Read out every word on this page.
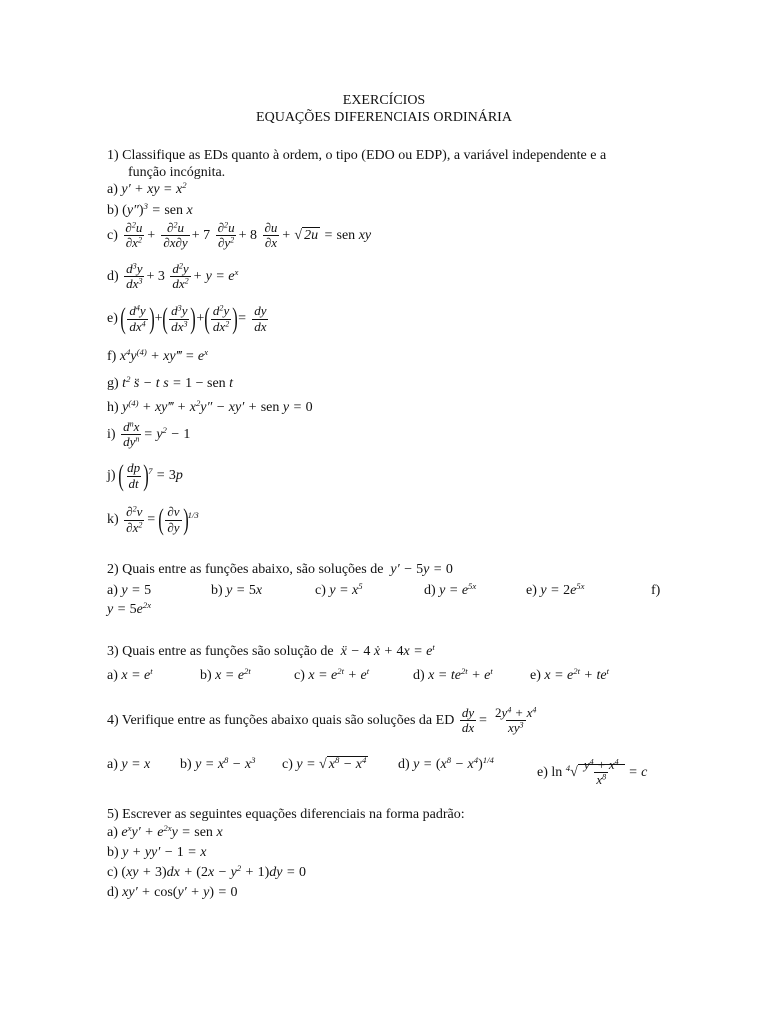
EXERCÍCIOS
EQUAÇÕES DIFERENCIAIS ORDINÁRIA
1) Classifique as EDs quanto à ordem, o tipo (EDO ou EDP), a variável independente e a
função incógnita.
a) y′ + xy = $x^2$
b) $(y'')^3$ = sen x
$c) \frac{\partial^2u}{\partial x^2} + \frac{\partial^2u}{\partial x\partial y} + 7 \frac{\partial^2u}{\partial y^2} + 8 \frac{\partial u}{\partial x}$ + √ 2u = sen xy
$d) \frac{d^3y}{dx^3} + 3 \frac{d^2y}{dx^2} + y = e^x$
e) ( $\frac{d^4y}{dx^4}$ )+( $\frac{d^3y}{dx^3}$ )+( $\frac{d^2y}{dx^2}$ )= $\frac{dy}{dx}$
f) $x^4y^{(4)}$ + xy‴ = $e^x$
g) $t^2$ s̈ − t s = 1 − sen t
h) $y^{(4)}$ + xy‴ + $x^2y'' - xy'$ + sen y = 0
$i) \frac{d^nx}{dy^n} = y^2 - 1$
j) ( $\frac{dp}{dt} )^7 = 3p$
$k) \frac{\partial^2v}{\partial x^2}$ = ( $\frac{\partial v}{\partial y} )^{1/3}$
2) Quais entre as funções abaixo, são soluções de  y′ − 5y = 0
a) y = 5	b) y = 5x	c) $y = x^5$	d) $y = e^{5x}$	e) $y = 2e^{5x}$	f)
$y = 5e^{2x}$
3) Quais entre as funções são solução de  ẍ − 4 ẋ + $4x = e^t$
a) $x = e^t$	b) $x = e^{2t}$	c) $x = e^{2t} + e^t$	d) $x = te^{2t} + e^t$	e) $x = e^{2t} + te^t$
4) Verifique entre as funções abaixo quais são soluções da ED $\frac{dy}{dx} = \frac{2y^4 + x^4}{xy^3}$
a) y = x b) $y = x^8 - x^3$ c) y = √ $x^8 - x^4$ d) $y = (x^8 - x^4)^{1/4}$
e) $\ln ^4√ \frac{y^4 + x^4}{x^8} = c$
5) Escrever as seguintes equações diferenciais na forma padrão:
a) $e^xy' + e^{2x}y$ = sen x
b) y + yy′ − 1 = x
c) $(xy + 3)dx + (2x - y^2 + 1)dy = 0$
d) xy′ + cos(y′ + y) = 0
